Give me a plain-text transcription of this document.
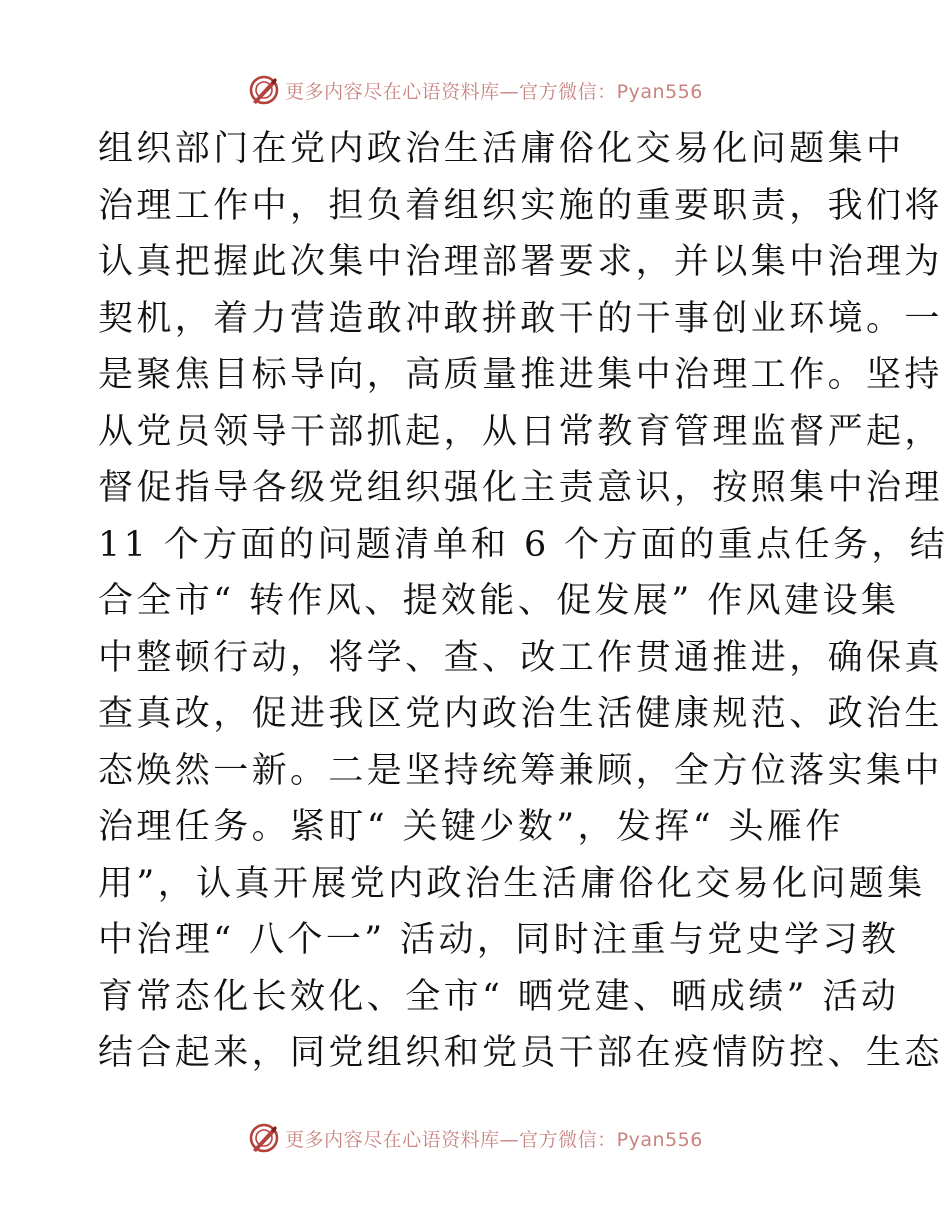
更多内容尽在心语资料库—官方微信：Pyan556
组织部门在党内政治生活庸俗化交易化问题集中
治理工作中，担负着组织实施的重要职责，我们将
认真把握此次集中治理部署要求，并以集中治理为
契机，着力营造敢冲敢拼敢干的干事创业环境。一
是聚焦目标导向，高质量推进集中治理工作。坚持
从党员领导干部抓起，从日常教育管理监督严起，
督促指导各级党组织强化主责意识，按照集中治理
11 个方面的问题清单和 6 个方面的重点任务，结
合全市“ 转作风、提效能、促发展” 作风建设集
中整顿行动，将学、查、改工作贯通推进，确保真
查真改，促进我区党内政治生活健康规范、政治生
态焕然一新。二是坚持统筹兼顾，全方位落实集中
治理任务。紧盯“ 关键少数”，发挥“ 头雁作
用”，认真开展党内政治生活庸俗化交易化问题集
中治理“ 八个一” 活动，同时注重与党史学习教
育常态化长效化、全市“ 晒党建、晒成绩” 活动
结合起来，同党组织和党员干部在疫情防控、生态
更多内容尽在心语资料库—官方微信：Pyan556
